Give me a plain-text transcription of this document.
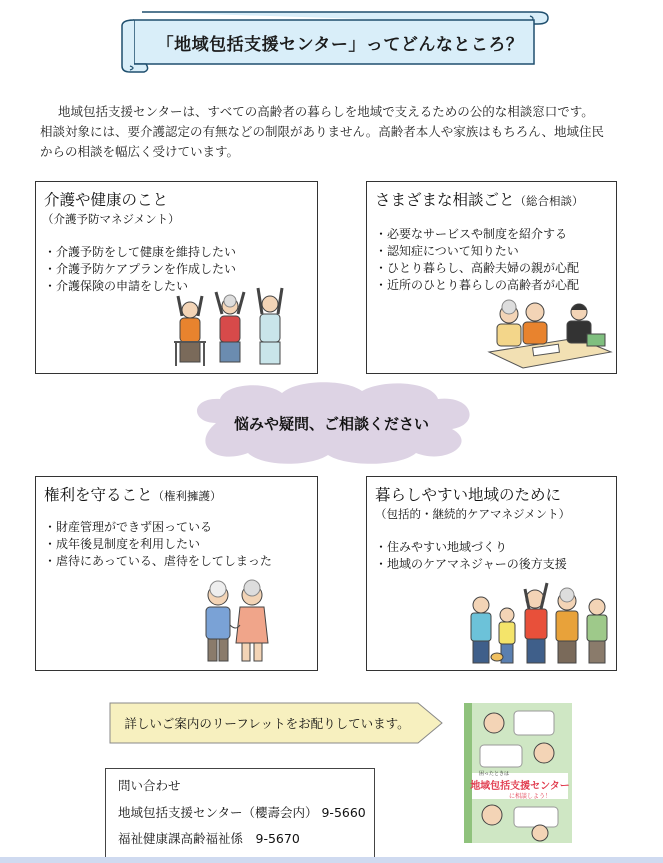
「地域包括支援センター」ってどんなところ？
地域包括支援センターは、すべての高齢者の暮らしを地域で支えるための公的な相談窓口です。
相談対象には、要介護認定の有無などの制限がありません。高齢者本人や家族はもちろん、地域住民
からの相談を幅広く受けています。
介護や健康のこと
（介護予防マネジメント）
・介護予防をして健康を維持したい
・介護予防ケアプランを作成したい
・介護保険の申請をしたい
さまざまな相談ごと（総合相談）
・必要なサービスや制度を紹介する
・認知症について知りたい
・ひとり暮らし、高齢夫婦の親が心配
・近所のひとり暮らしの高齢者が心配
悩みや疑問、ご相談ください
権利を守ること（権利擁護）
・財産管理ができず困っている
・成年後見制度を利用したい
・虐待にあっている、虐待をしてしまった
暮らしやすい地域のために
（包括的・継続的ケアマネジメント）
・住みやすい地域づくり
・地域のケアマネジャーの後方支援
詳しいご案内のリーフレットをお配りしています。
問い合わせ
地域包括支援センター（櫻壽会内） 9-5660
福祉健康課高齢福祉係　9-5670
地域包括支援センター
に相談しよう！
困ったときは
